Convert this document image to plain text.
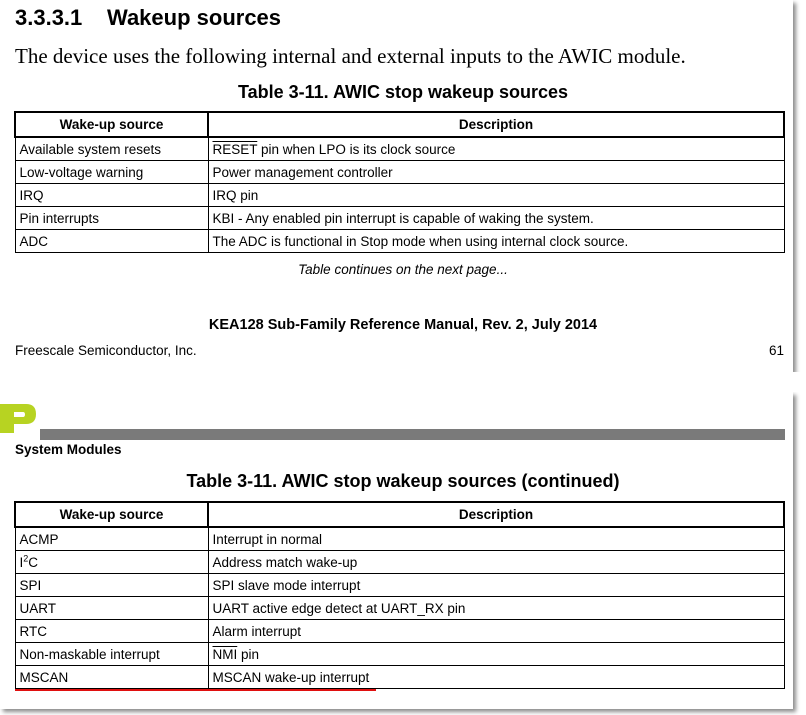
3.3.3.1 Wakeup sources
The device uses the following internal and external inputs to the AWIC module.
Table 3-11. AWIC stop wakeup sources
Wake-up source	Description
Available system resets	RESET pin when LPO is its clock source
Low-voltage warning	Power management controller
IRQ	IRQ pin
Pin interrupts	KBI - Any enabled pin interrupt is capable of waking the system.
ADC	The ADC is functional in Stop mode when using internal clock source.
Table continues on the next page...
KEA128 Sub-Family Reference Manual, Rev. 2, July 2014
Freescale Semiconductor, Inc.	61
System Modules
Table 3-11. AWIC stop wakeup sources (continued)
Wake-up source	Description
ACMP	Interrupt in normal
$I^2C$	Address match wake-up
SPI	SPI slave mode interrupt
UART	UART active edge detect at UART_RX pin
RTC	Alarm interrupt
Non-maskable interrupt	$\overline{NMI}$ pin
MSCAN	MSCAN wake-up interrupt
